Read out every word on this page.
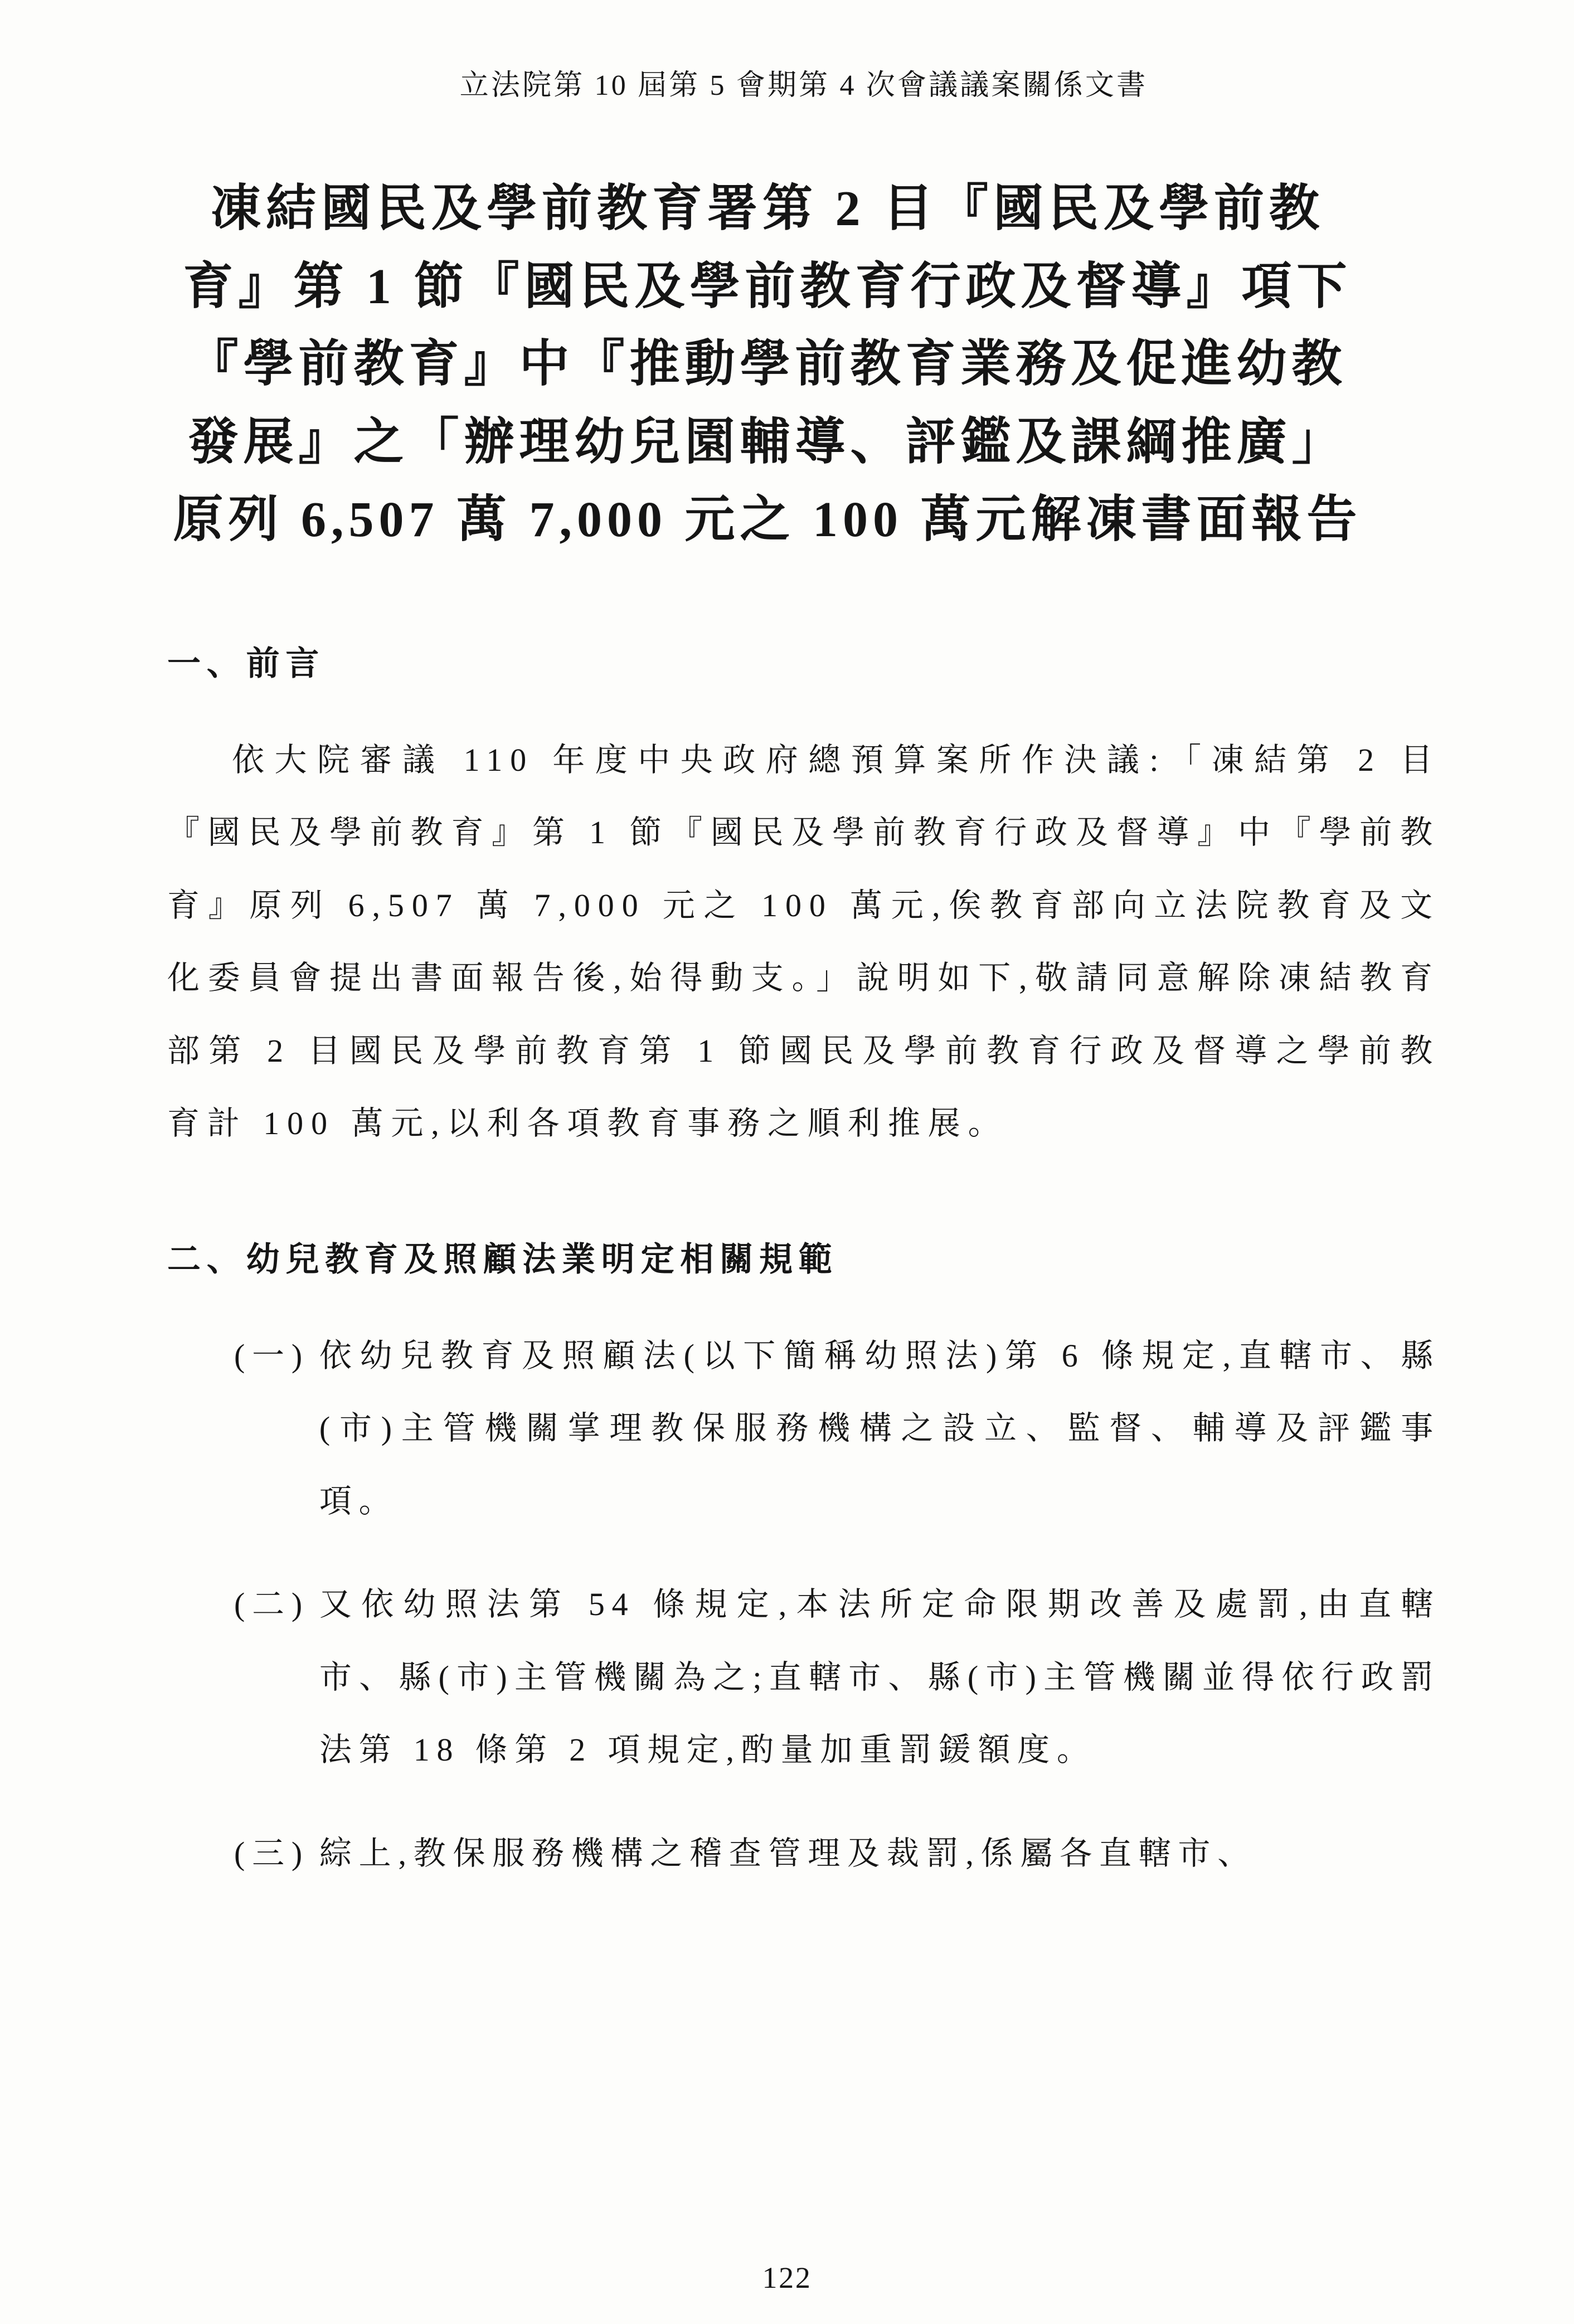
立法院第 10 屆第 5 會期第 4 次會議議案關係文書
凍結國民及學前教育署第 2 目『國民及學前教
育』第 1 節『國民及學前教育行政及督導』項下
『學前教育』中『推動學前教育業務及促進幼教
發展』之「辦理幼兒園輔導、評鑑及課綱推廣」
原列 6,507 萬 7,000 元之 100 萬元解凍書面報告
一、前言
依大院審議 110 年度中央政府總預算案所作決議:「凍結第 2 目『國民及學前教育』第 1 節『國民及學前教育行政及督導』中『學前教育』原列 6,507 萬 7,000 元之 100 萬元,俟教育部向立法院教育及文化委員會提出書面報告後,始得動支。」說明如下,敬請同意解除凍結教育部第 2 目國民及學前教育第 1 節國民及學前教育行政及督導之學前教育計 100 萬元,以利各項教育事務之順利推展。
二、幼兒教育及照顧法業明定相關規範
(一) 依幼兒教育及照顧法(以下簡稱幼照法)第 6 條規定,直轄市、縣(市)主管機關掌理教保服務機構之設立、監督、輔導及評鑑事項。
(二) 又依幼照法第 54 條規定,本法所定命限期改善及處罰,由直轄市、縣(市)主管機關為之;直轄市、縣(市)主管機關並得依行政罰法第 18 條第 2 項規定,酌量加重罰鍰額度。
(三) 綜上,教保服務機構之稽查管理及裁罰,係屬各直轄市、
122
